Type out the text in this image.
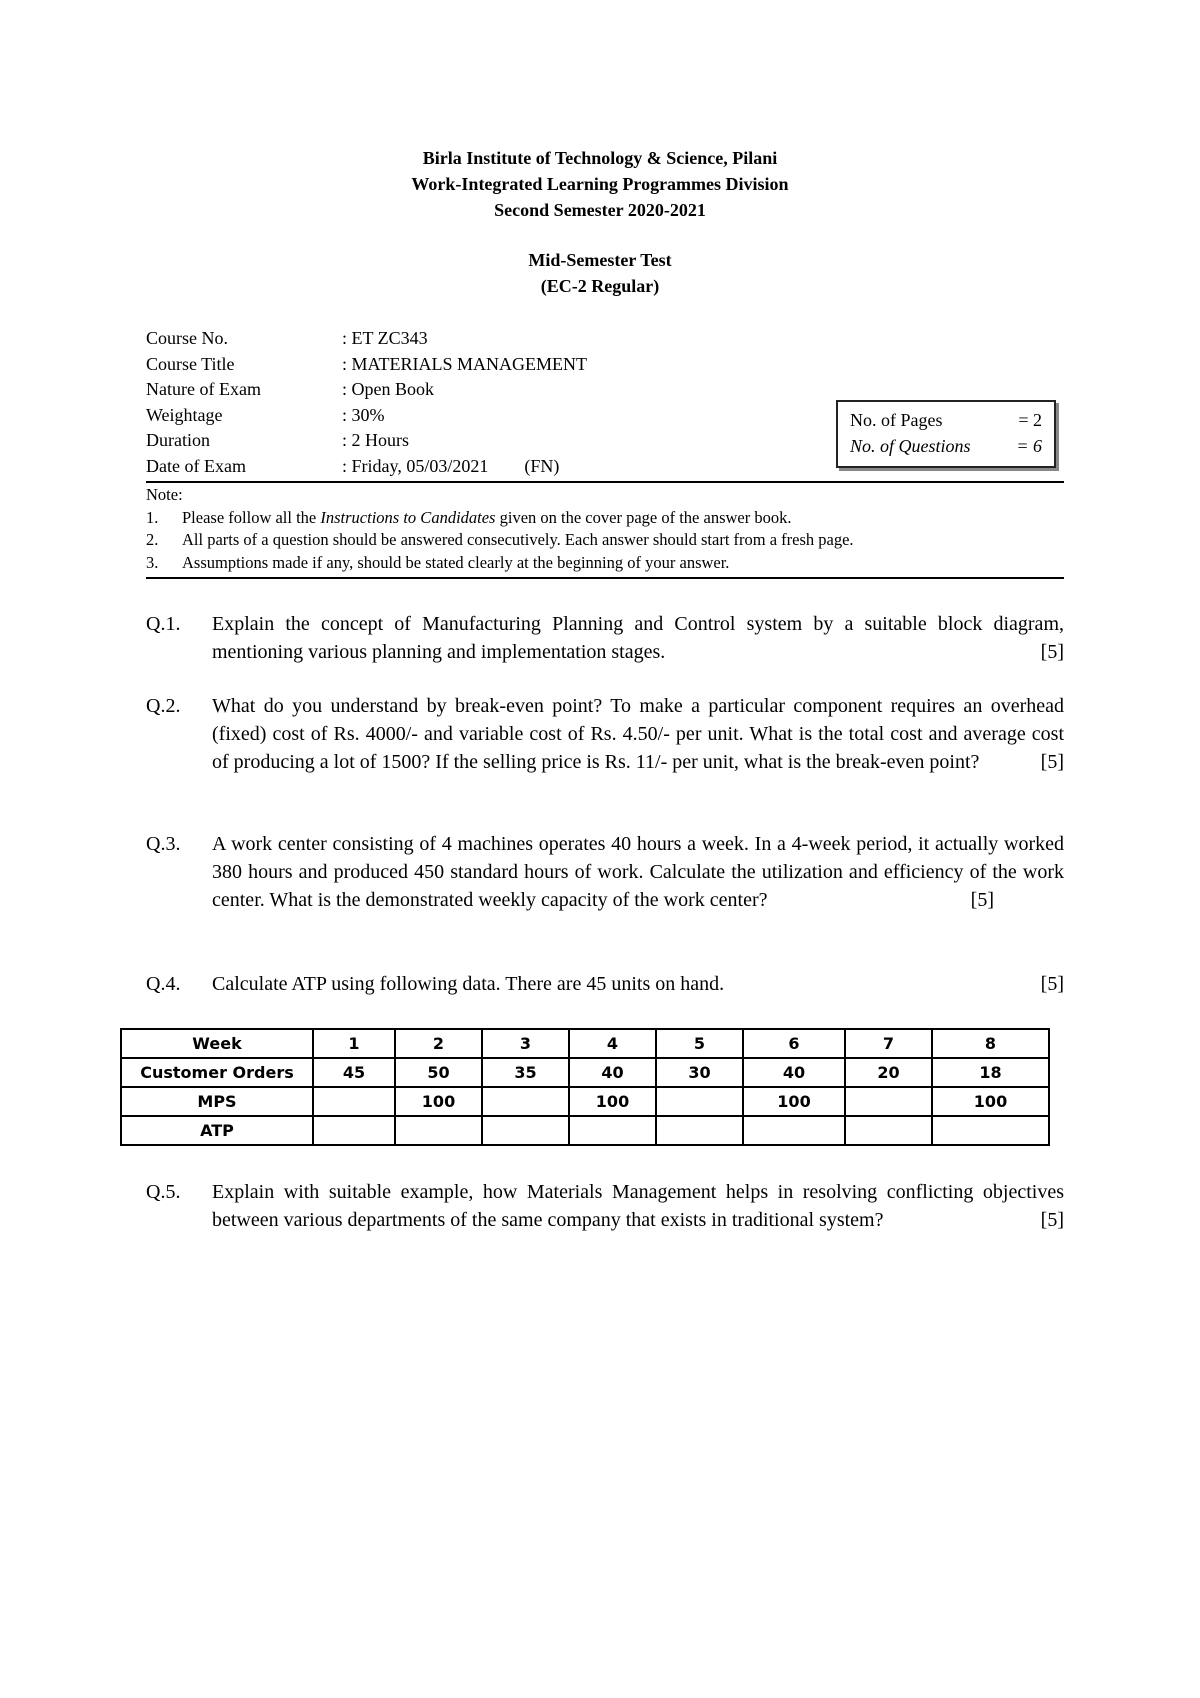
Birla Institute of Technology & Science, Pilani
Work-Integrated Learning Programmes Division
Second Semester 2020-2021
Mid-Semester Test
(EC-2 Regular)
Course No.	: ET ZC343
Course Title	: MATERIALS MANAGEMENT
Nature of Exam	: Open Book
Weightage	: 30%
Duration	: 2 Hours
Date of Exam	: Friday, 05/03/2021 (FN)
No. of Pages	= 2
No. of Questions	= 6
Note:
1.	Please follow all the Instructions to Candidates given on the cover page of the answer book.
2.	All parts of a question should be answered consecutively. Each answer should start from a fresh page.
3.	Assumptions made if any, should be stated clearly at the beginning of your answer.
Q.1.	Explain the concept of Manufacturing Planning and Control system by a suitable block diagram, mentioning various planning and implementation stages.	[5]
Q.2.	What do you understand by break-even point? To make a particular component requires an overhead (fixed) cost of Rs. 4000/- and variable cost of Rs. 4.50/- per unit. What is the total cost and average cost of producing a lot of 1500? If the selling price is Rs. 11/- per unit, what is the break-even point?	[5]
Q.3.	A work center consisting of 4 machines operates 40 hours a week. In a 4-week period, it actually worked 380 hours and produced 450 standard hours of work. Calculate the utilization and efficiency of the work center. What is the demonstrated weekly capacity of the work center?	[5]
Q.4.	Calculate ATP using following data. There are 45 units on hand.	[5]
Week	1	2	3	4	5	6	7	8
Customer Orders	45	50	35	40	30	40	20	18
MPS		100		100		100		100
ATP								
Q.5.	Explain with suitable example, how Materials Management helps in resolving conflicting objectives between various departments of the same company that exists in traditional system?	[5]
